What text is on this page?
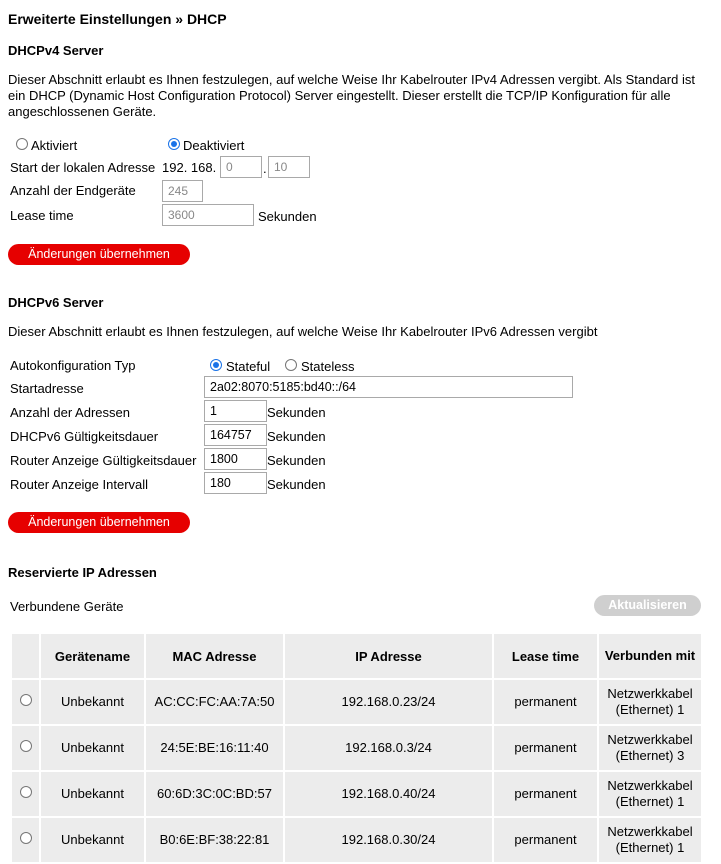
Erweiterte Einstellungen » DHCP
DHCPv4 Server
Dieser Abschnitt erlaubt es Ihnen festzulegen, auf welche Weise Ihr Kabelrouter IPv4 Adressen vergibt. Als Standard ist ein DHCP (Dynamic Host Configuration Protocol) Server eingestellt. Dieser erstellt die TCP/IP Konfiguration für alle angeschlossenen Geräte.
Aktiviert	Deaktiviert
Start der lokalen Adresse 192. 168. 0	. 10
Anzahl der Endgeräte	245
Lease time	3600	Sekunden
Änderungen übernehmen
DHCPv6 Server
Dieser Abschnitt erlaubt es Ihnen festzulegen, auf welche Weise Ihr Kabelrouter IPv6 Adressen vergibt
Autokonfiguration Typ	Stateful Stateless
Startadresse	2a02:8070:5185:bd40::/64
Anzahl der Adressen	1	Sekunden
DHCPv6 Gültigkeitsdauer	164757	Sekunden
Router Anzeige Gültigkeitsdauer	1800	Sekunden
Router Anzeige Intervall	180	Sekunden
Änderungen übernehmen
Reservierte IP Adressen
Verbundene Geräte	Aktualisieren
	Gerätename	MAC Adresse	IP Adresse	Lease time	Verbunden mit
	Unbekannt	AC:CC:FC:AA:7A:50	192.168.0.23/24	permanent	Netzwerkkabel
(Ethernet) 1
	Unbekannt	24:5E:BE:16:11:40	192.168.0.3/24	permanent	Netzwerkkabel
(Ethernet) 3
	Unbekannt	60:6D:3C:0C:BD:57	192.168.0.40/24	permanent	Netzwerkkabel
(Ethernet) 1
	Unbekannt	B0:6E:BF:38:22:81	192.168.0.30/24	permanent	Netzwerkkabel
(Ethernet) 1
